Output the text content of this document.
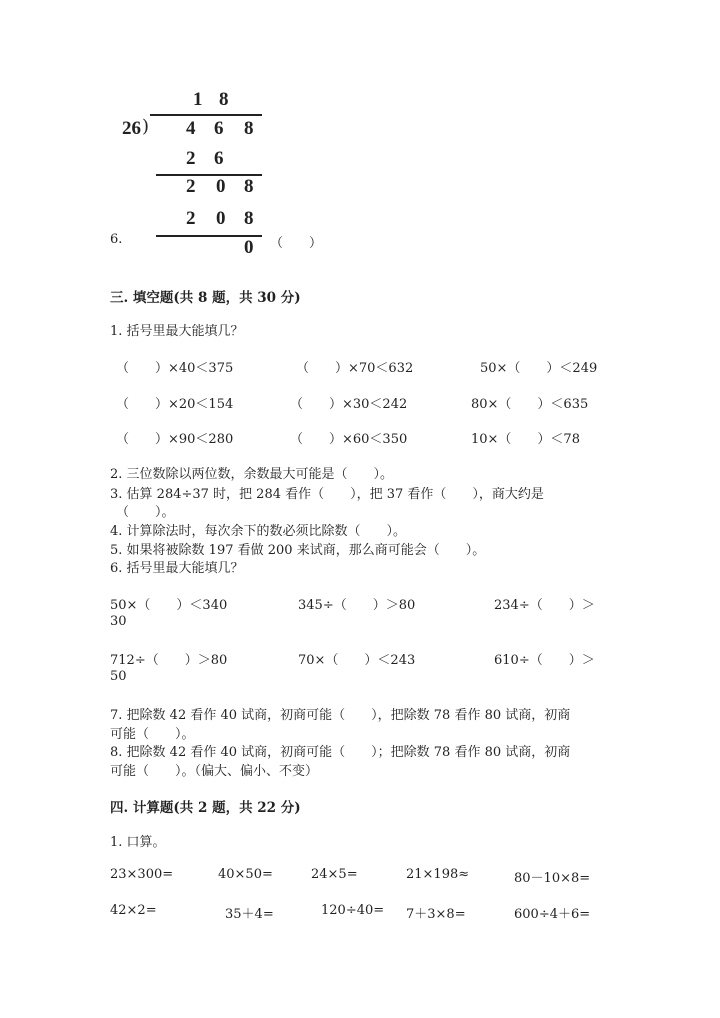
6.
1 8
)
26 4 6 8
2 6
2 0 8
2 0 8
0 （　　）
三. 填空题(共 8 题，共 30 分)
1. 括号里最大能填几？
（　　）×40＜375	（　　）×70＜632	50×（　　）＜249
（　　）×20＜154	（　　）×30＜242	80×（　　）＜635
（　　）×90＜280	（　　）×60＜350	10×（　　）＜78
2. 三位数除以两位数，余数最大可能是（　　）。
3. 估算 284÷37 时，把 284 看作（　　），把 37 看作（　　），商大约是
（　　）。
4. 计算除法时，每次余下的数必须比除数（　　）。
5. 如果将被除数 197 看做 200 来试商，那么商可能会（　　）。
6. 括号里最大能填几？
50×（　　）＜340	345÷（　　）＞80	234÷（　　）＞
30
712÷（　　）＞80	70×（　　）＜243	610÷（　　）＞
50
7. 把除数 42 看作 40 试商，初商可能（　　），把除数 78 看作 80 试商，初商
可能（　　）。
8. 把除数 42 看作 40 试商，初商可能（　　）；把除数 78 看作 80 试商，初商
可能（　　）。（偏大、偏小、不变）
四. 计算题(共 2 题，共 22 分)
1. 口算。
23×300=	40×50=	24×5=	21×198≈	80－10×8=
42×2=	35＋4=	120÷40= 7＋3×8=	600÷4＋6=
